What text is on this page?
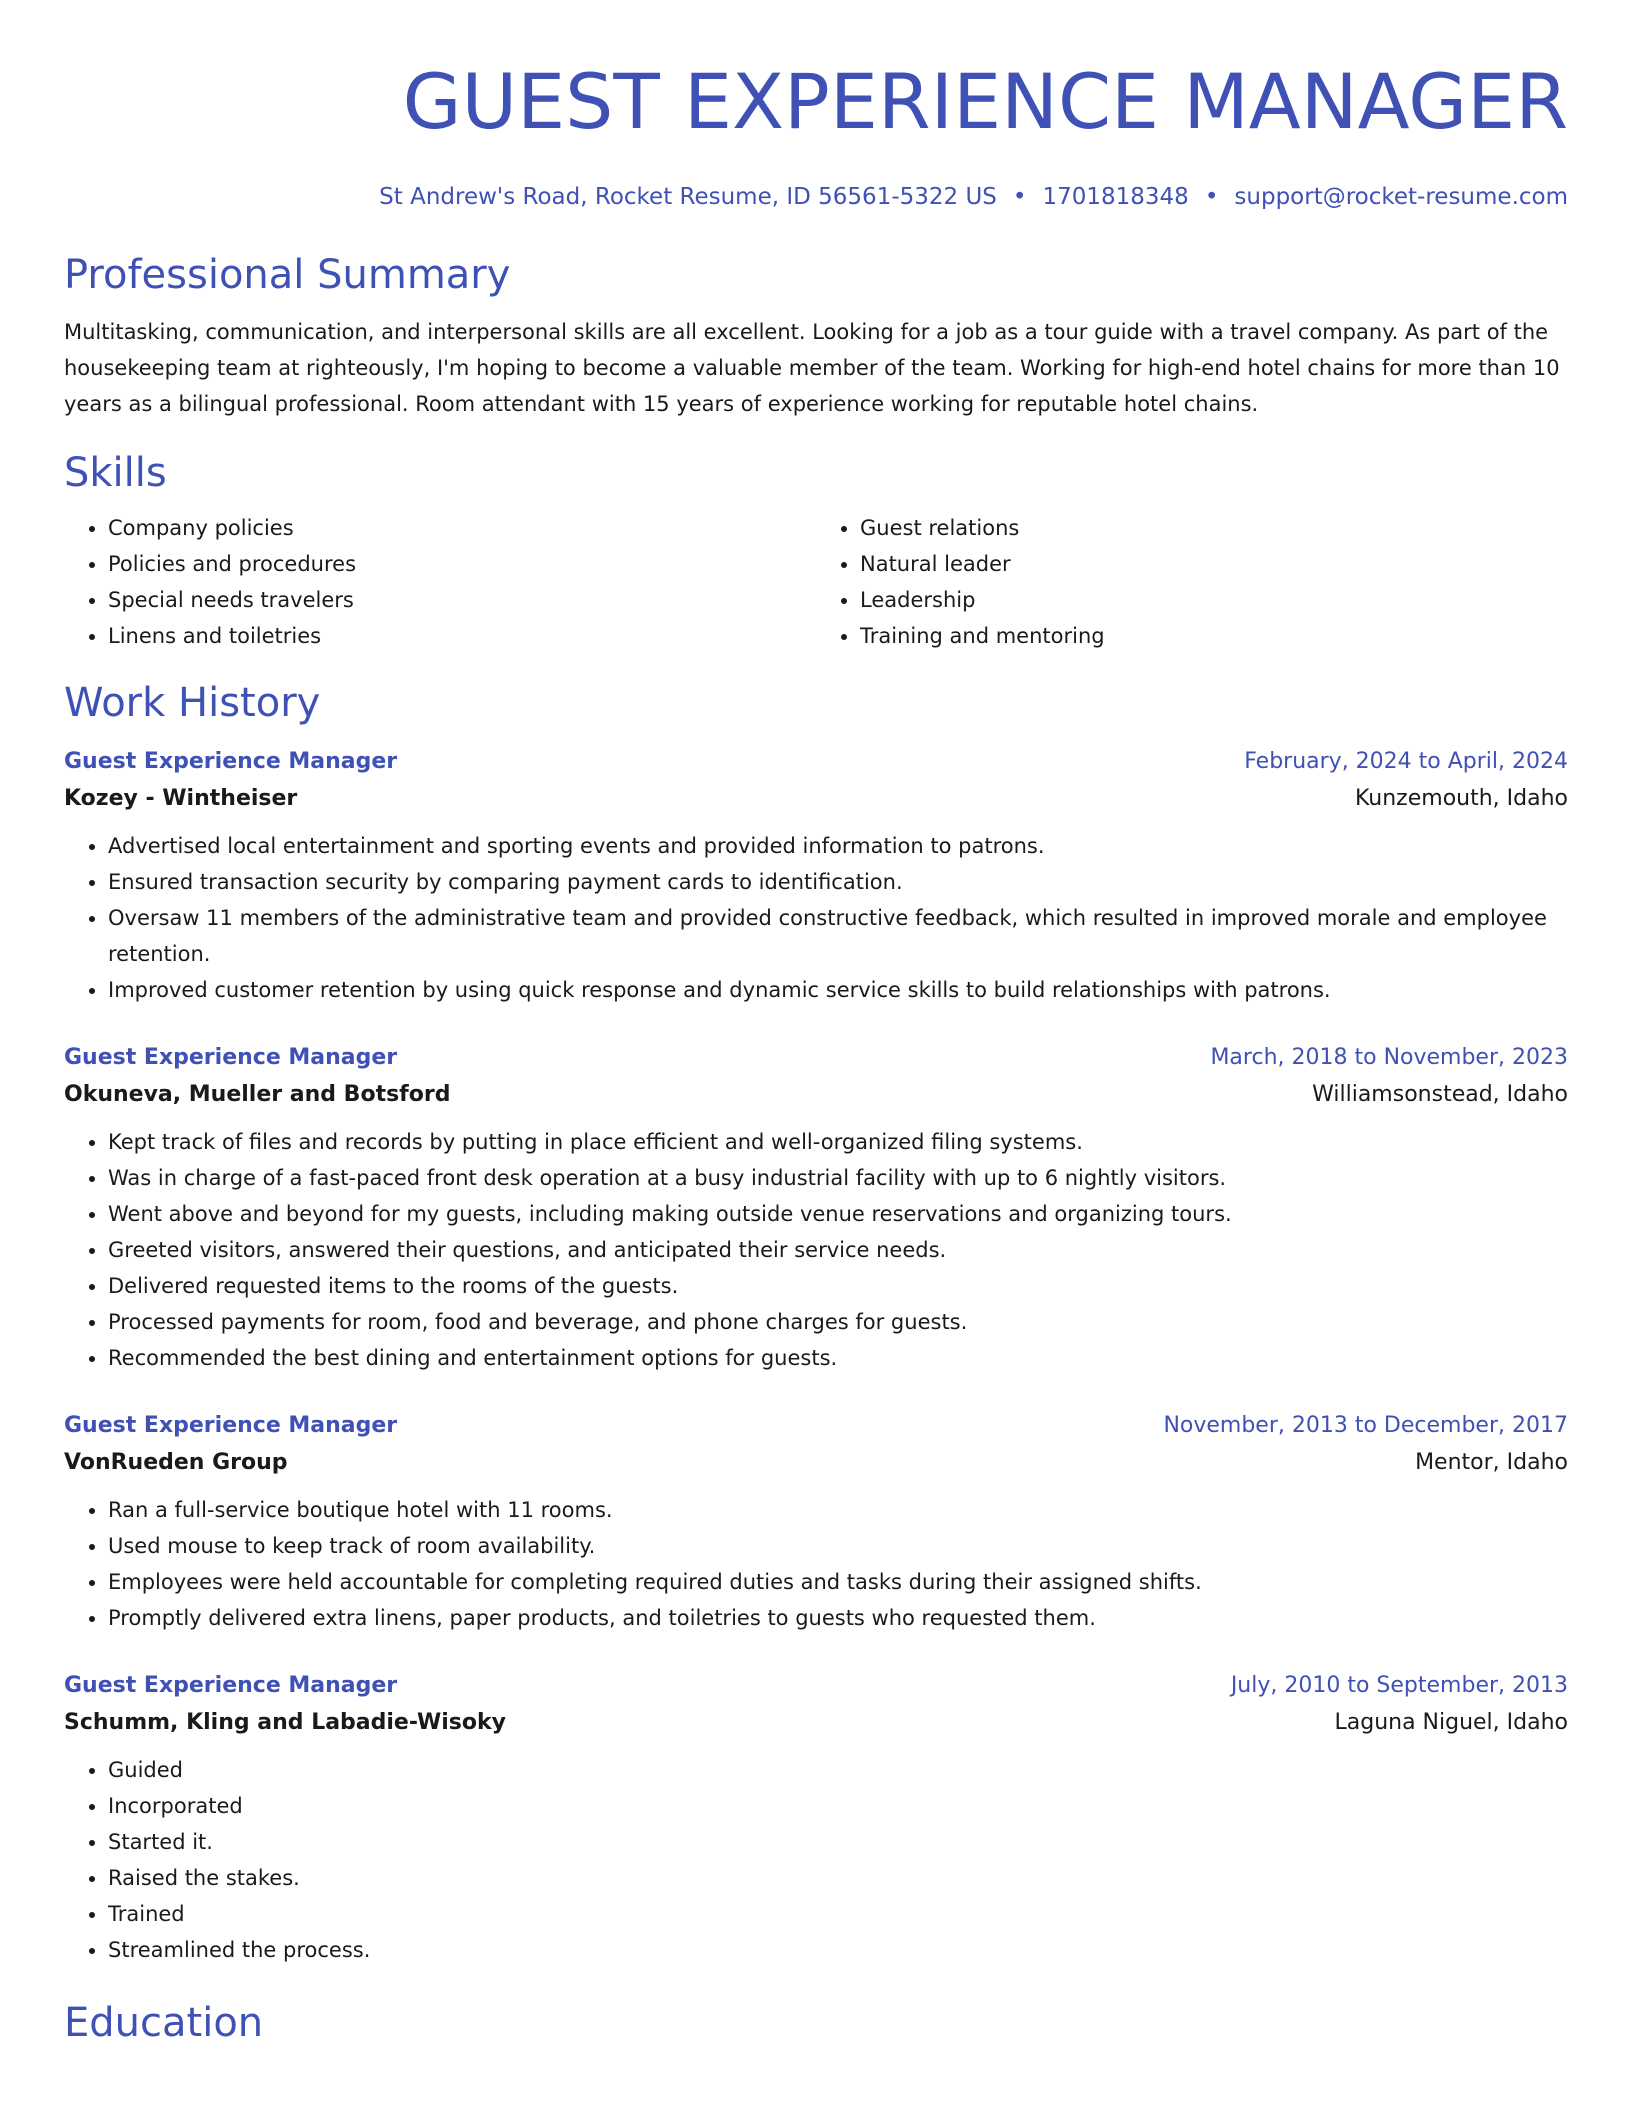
GUEST EXPERIENCE MANAGER
St Andrew's Road, Rocket Resume, ID 56561-5322 US • 1701818348 • support@rocket-resume.com
Professional Summary
Multitasking, communication, and interpersonal skills are all excellent. Looking for a job as a tour guide with a travel company. As part of the housekeeping team at righteously, I'm hoping to become a valuable member of the team. Working for high-end hotel chains for more than 10 years as a bilingual professional. Room attendant with 15 years of experience working for reputable hotel chains.
Skills
• Company policies
• Policies and procedures
• Special needs travelers
• Linens and toiletries
• Guest relations
• Natural leader
• Leadership
• Training and mentoring
Work History
Guest Experience Manager	February, 2024 to April, 2024
Kozey - Wintheiser	Kunzemouth, Idaho
• Advertised local entertainment and sporting events and provided information to patrons.
• Ensured transaction security by comparing payment cards to identification.
• Oversaw 11 members of the administrative team and provided constructive feedback, which resulted in improved morale and employee retention.
• Improved customer retention by using quick response and dynamic service skills to build relationships with patrons.
Guest Experience Manager	March, 2018 to November, 2023
Okuneva, Mueller and Botsford	Williamsonstead, Idaho
• Kept track of files and records by putting in place efficient and well-organized filing systems.
• Was in charge of a fast-paced front desk operation at a busy industrial facility with up to 6 nightly visitors.
• Went above and beyond for my guests, including making outside venue reservations and organizing tours.
• Greeted visitors, answered their questions, and anticipated their service needs.
• Delivered requested items to the rooms of the guests.
• Processed payments for room, food and beverage, and phone charges for guests.
• Recommended the best dining and entertainment options for guests.
Guest Experience Manager	November, 2013 to December, 2017
VonRueden Group	Mentor, Idaho
• Ran a full-service boutique hotel with 11 rooms.
• Used mouse to keep track of room availability.
• Employees were held accountable for completing required duties and tasks during their assigned shifts.
• Promptly delivered extra linens, paper products, and toiletries to guests who requested them.
Guest Experience Manager	July, 2010 to September, 2013
Schumm, Kling and Labadie-Wisoky	Laguna Niguel, Idaho
• Guided
• Incorporated
• Started it.
• Raised the stakes.
• Trained
• Streamlined the process.
Education
